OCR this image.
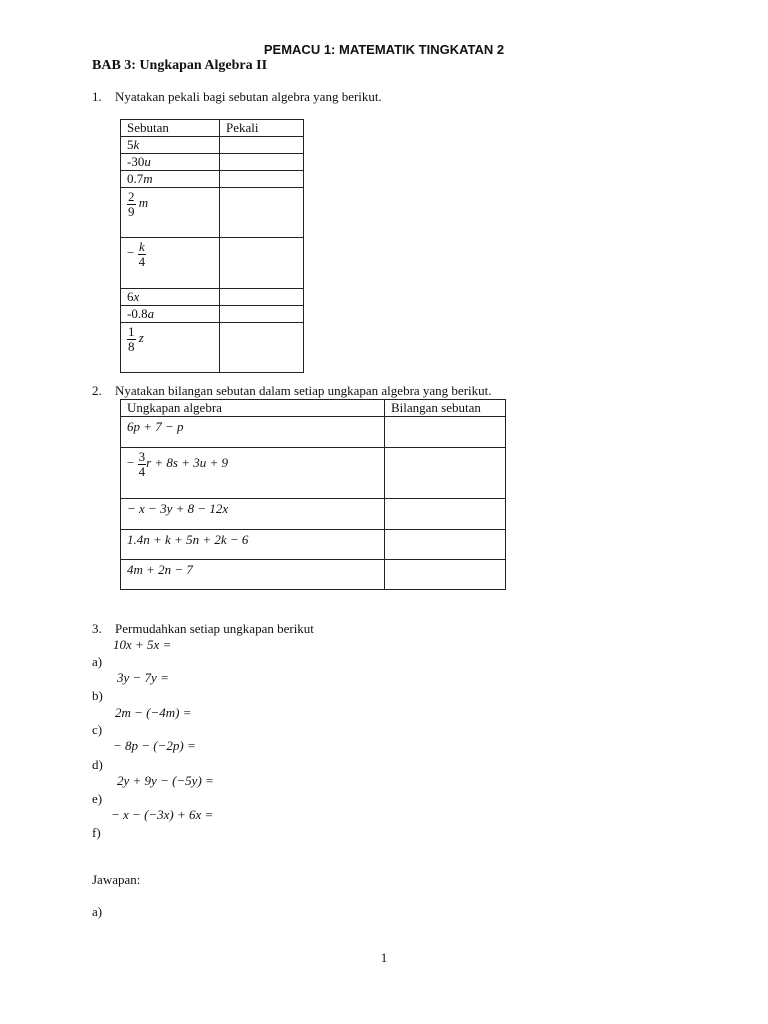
PEMACU 1: MATEMATIK TINGKATAN 2
BAB 3: Ungkapan Algebra II
1. Nyatakan pekali bagi sebutan algebra yang berikut.
Sebutan	Pekali
5k	
-30u	
0.7m	

$\frac{2}{9}$ m	
− $\frac{k}{4}$

6x	
-0.8a	

$\frac{1}{8}$ z	
2. Nyatakan bilangan sebutan dalam setiap ungkapan algebra yang berikut.
Ungkapan algebra	Bilangan sebutan
6p + 7 − p	
− $\frac{3}{4}$ r + 8s + 3u + 9	
− x − 3y + 8 − 12x	
1.4n + k + 5n + 2k − 6	
4m + 2n − 7	
3. Permudahkan setiap ungkapan berikut
10x + 5x =
a)
3y − 7y =
b)
2m − (−4m) =
c)
− 8p − (−2p) =
d)
2y + 9y − (−5y) =
e)
− x − (−3x) + 6x =
f)
Jawapan:
a)
1
